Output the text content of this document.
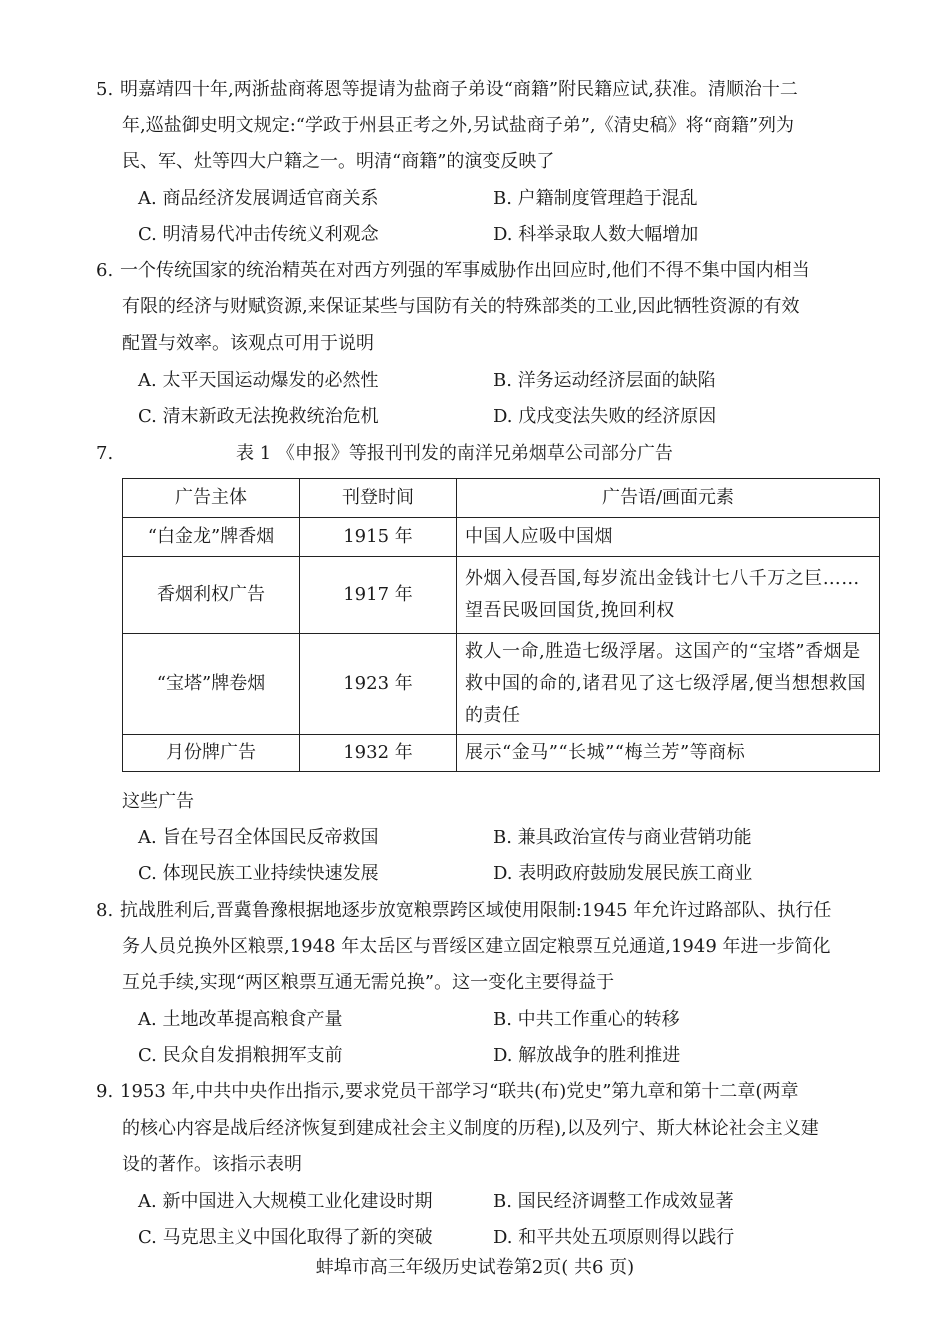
5. 明嘉靖四十年,两浙盐商蒋恩等提请为盐商子弟设“商籍”附民籍应试,获准。清顺治十二
年,巡盐御史明文规定:“学政于州县正考之外,另试盐商子弟”,《清史稿》将“商籍”列为
民、军、灶等四大户籍之一。明清“商籍”的演变反映了
A. 商品经济发展调适官商关系	B. 户籍制度管理趋于混乱
C. 明清易代冲击传统义利观念	D. 科举录取人数大幅增加
6. 一个传统国家的统治精英在对西方列强的军事威胁作出回应时,他们不得不集中国内相当
有限的经济与财赋资源,来保证某些与国防有关的特殊部类的工业,因此牺牲资源的有效
配置与效率。该观点可用于说明
A. 太平天国运动爆发的必然性	B. 洋务运动经济层面的缺陷
C. 清末新政无法挽救统治危机	D. 戊戌变法失败的经济原因
7.	表 1 《申报》等报刊刊发的南洋兄弟烟草公司部分广告
广告主体	刊登时间	广告语/画面元素
“白金龙”牌香烟	1915 年	中国人应吸中国烟
香烟利权广告	1917 年	外烟入侵吾国,每岁流出金钱计七八千万之巨……望吾民吸回国货,挽回利权
“宝塔”牌卷烟	1923 年	救人一命,胜造七级浮屠。这国产的“宝塔”香烟是救中国的命的,诸君见了这七级浮屠,便当想想救国的责任
月份牌广告	1932 年	展示“金马”“长城”“梅兰芳”等商标
这些广告
A. 旨在号召全体国民反帝救国	B. 兼具政治宣传与商业营销功能
C. 体现民族工业持续快速发展	D. 表明政府鼓励发展民族工商业
8. 抗战胜利后,晋冀鲁豫根据地逐步放宽粮票跨区域使用限制:1945 年允许过路部队、执行任
务人员兑换外区粮票,1948 年太岳区与晋绥区建立固定粮票互兑通道,1949 年进一步简化
互兑手续,实现“两区粮票互通无需兑换”。这一变化主要得益于
A. 土地改革提高粮食产量	B. 中共工作重心的转移
C. 民众自发捐粮拥军支前	D. 解放战争的胜利推进
9. 1953 年,中共中央作出指示,要求党员干部学习“联共(布)党史”第九章和第十二章(两章
的核心内容是战后经济恢复到建成社会主义制度的历程),以及列宁、斯大林论社会主义建
设的著作。该指示表明
A. 新中国进入大规模工业化建设时期	B. 国民经济调整工作成效显著
C. 马克思主义中国化取得了新的突破	D. 和平共处五项原则得以践行
蚌埠市高三年级历史试卷第2页( 共6 页)
